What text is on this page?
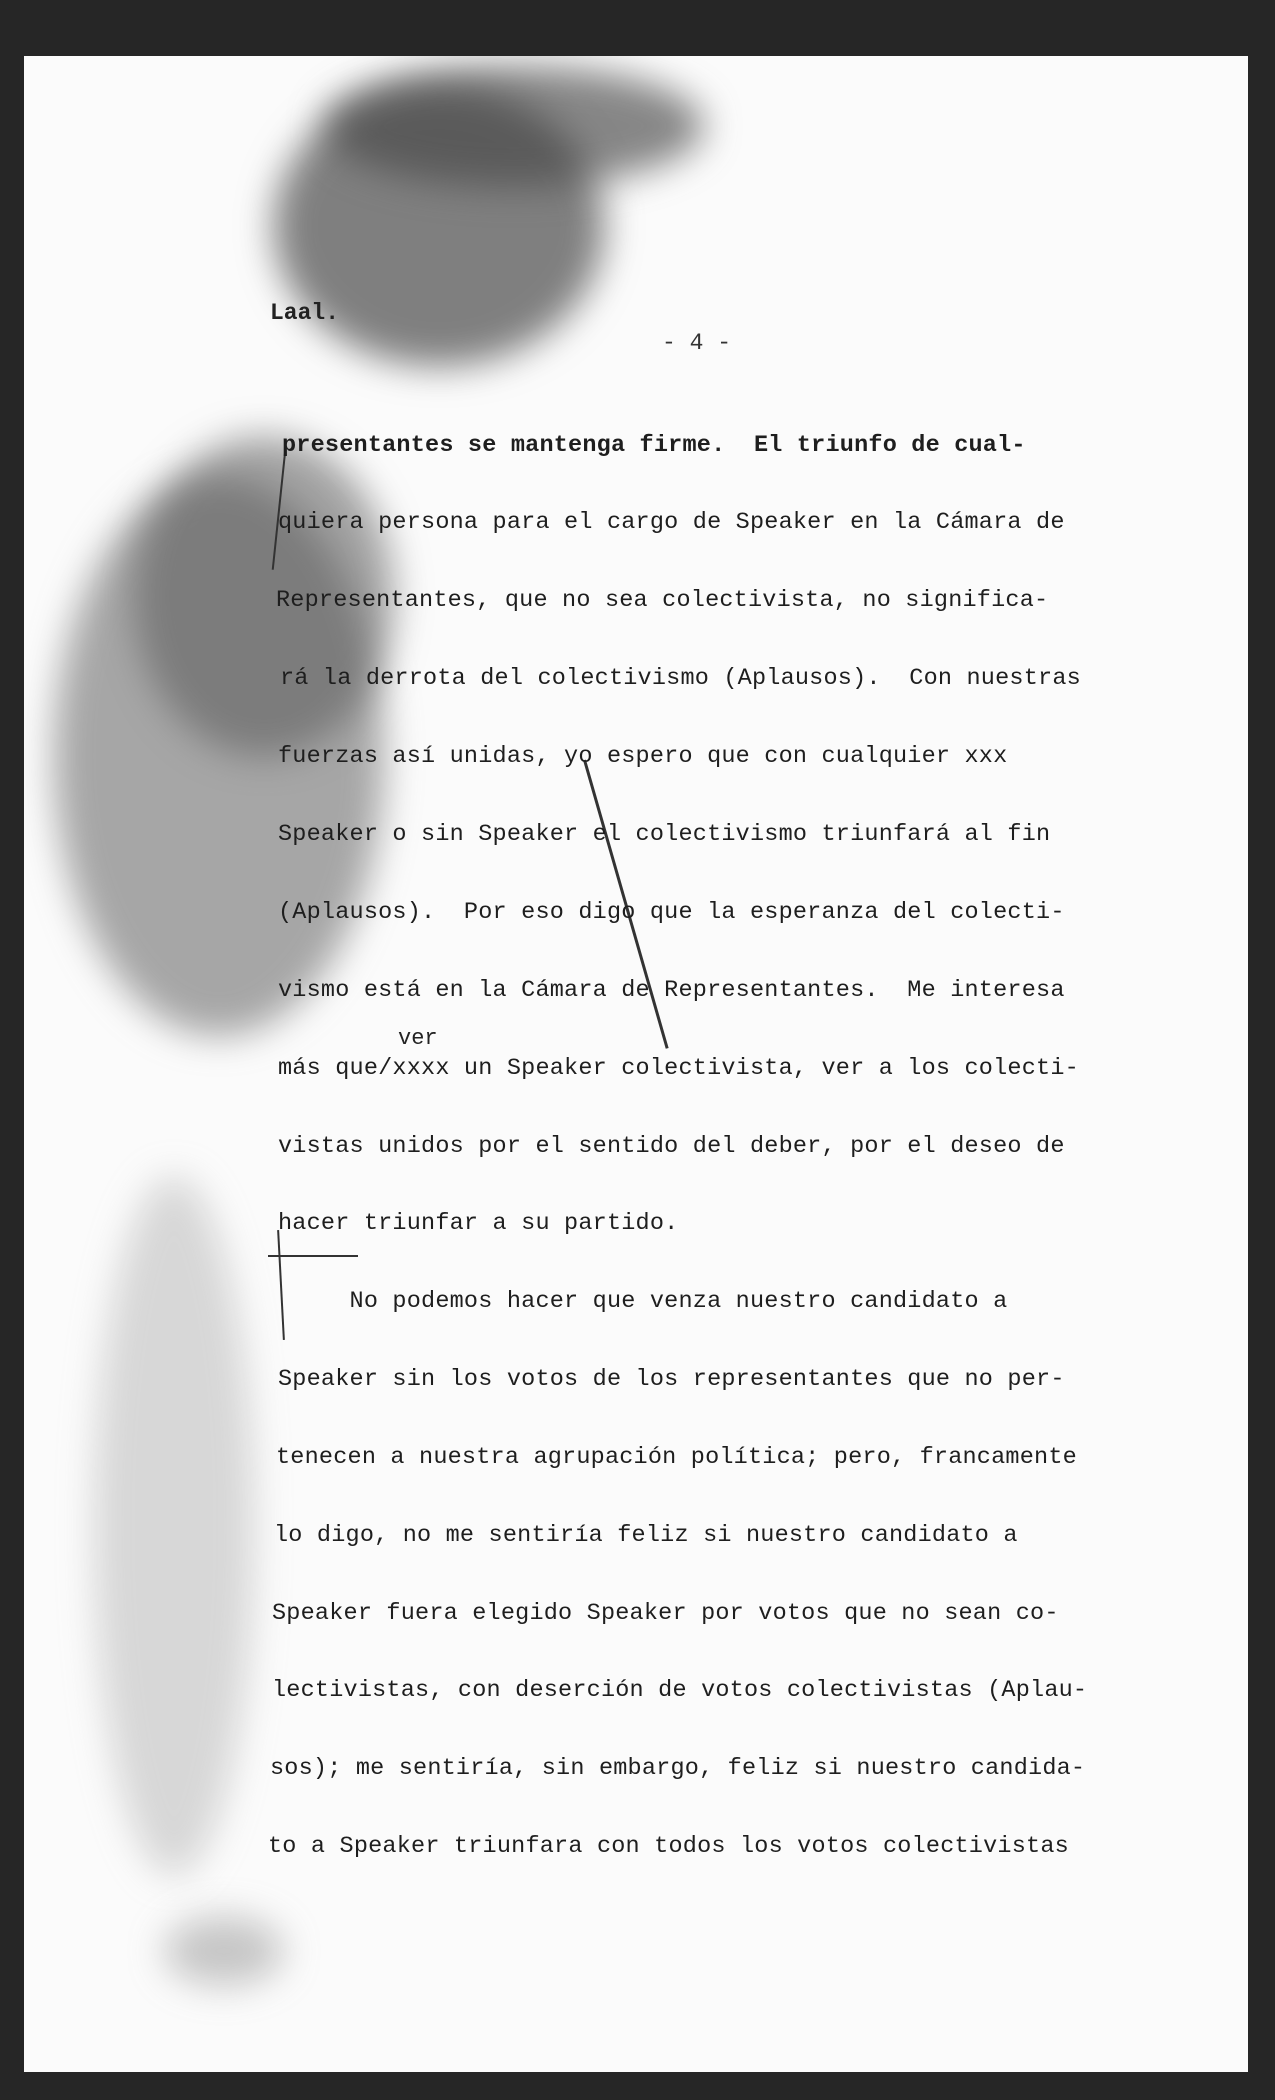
Laal.
- 4 -
ver
presentantes se mantenga firme.  El triunfo de cual-
quiera persona para el cargo de Speaker en la Cámara de
Representantes, que no sea colectivista, no significa-
rá la derrota del colectivismo (Aplausos).  Con nuestras
fuerzas así unidas, yo espero que con cualquier xxx
Speaker o sin Speaker el colectivismo triunfará al fin
(Aplausos).  Por eso digo que la esperanza del colecti-
vismo está en la Cámara de Representantes.  Me interesa
más que/xxxx un Speaker colectivista, ver a los colecti-
vistas unidos por el sentido del deber, por el deseo de
hacer triunfar a su partido.
No podemos hacer que venza nuestro candidato a
Speaker sin los votos de los representantes que no per-
tenecen a nuestra agrupación política; pero, francamente
lo digo, no me sentiría feliz si nuestro candidato a
Speaker fuera elegido Speaker por votos que no sean co-
lectivistas, con deserción de votos colectivistas (Aplau-
sos); me sentiría, sin embargo, feliz si nuestro candida-
to a Speaker triunfara con todos los votos colectivistas
